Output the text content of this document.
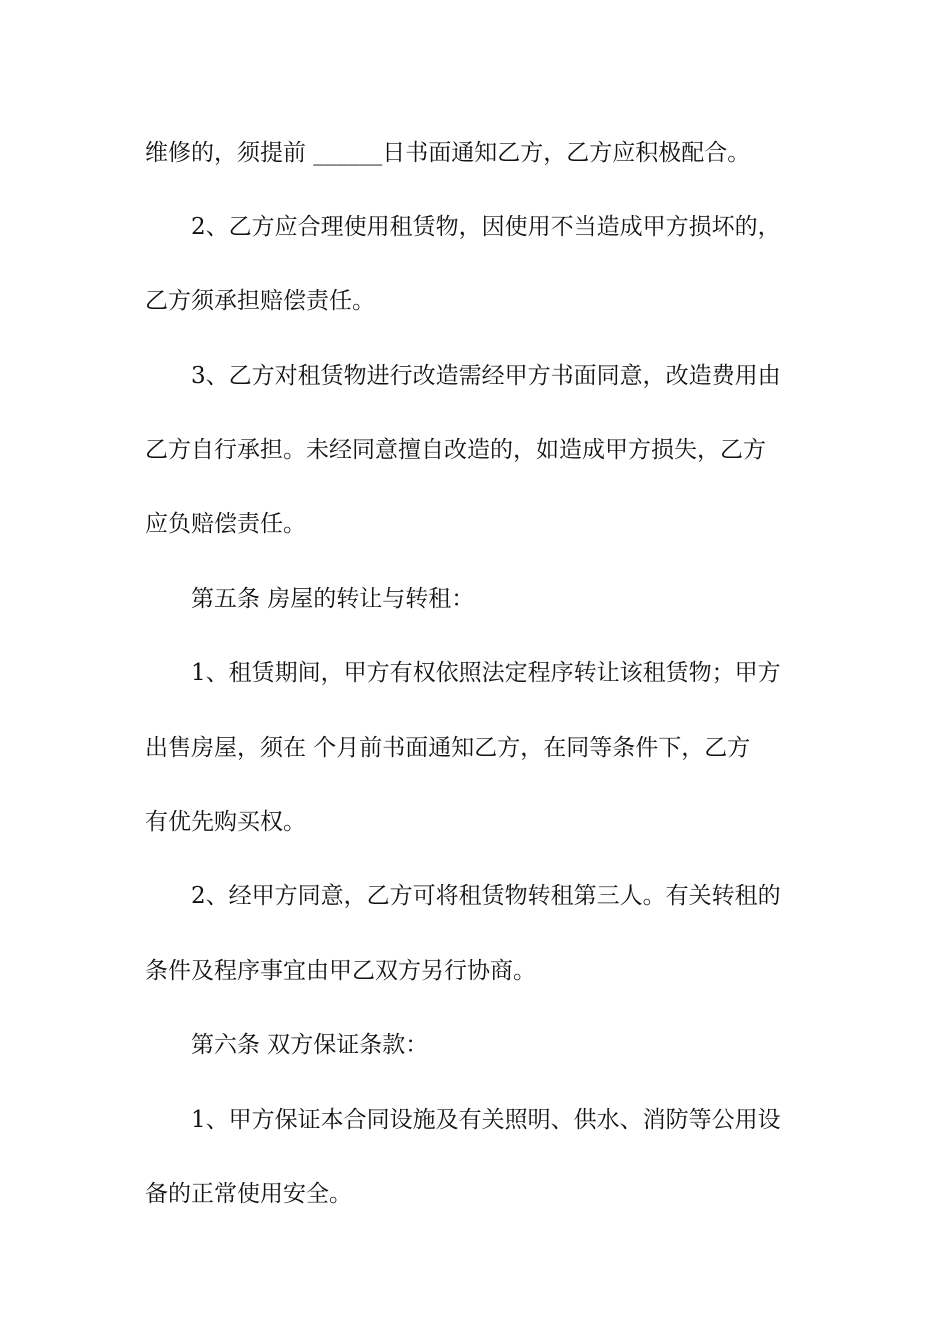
维修的，须提前 ______日书面通知乙方，乙方应积极配合。
2、乙方应合理使用租赁物，因使用不当造成甲方损坏的，
乙方须承担赔偿责任。
3、乙方对租赁物进行改造需经甲方书面同意，改造费用由
乙方自行承担。未经同意擅自改造的，如造成甲方损失，乙方
应负赔偿责任。
第五条 房屋的转让与转租：
1、租赁期间，甲方有权依照法定程序转让该租赁物；甲方
出售房屋，须在 个月前书面通知乙方，在同等条件下，乙方
有优先购买权。
2、经甲方同意，乙方可将租赁物转租第三人。有关转租的
条件及程序事宜由甲乙双方另行协商。
第六条 双方保证条款：
1、甲方保证本合同设施及有关照明、供水、消防等公用设
备的正常使用安全。
